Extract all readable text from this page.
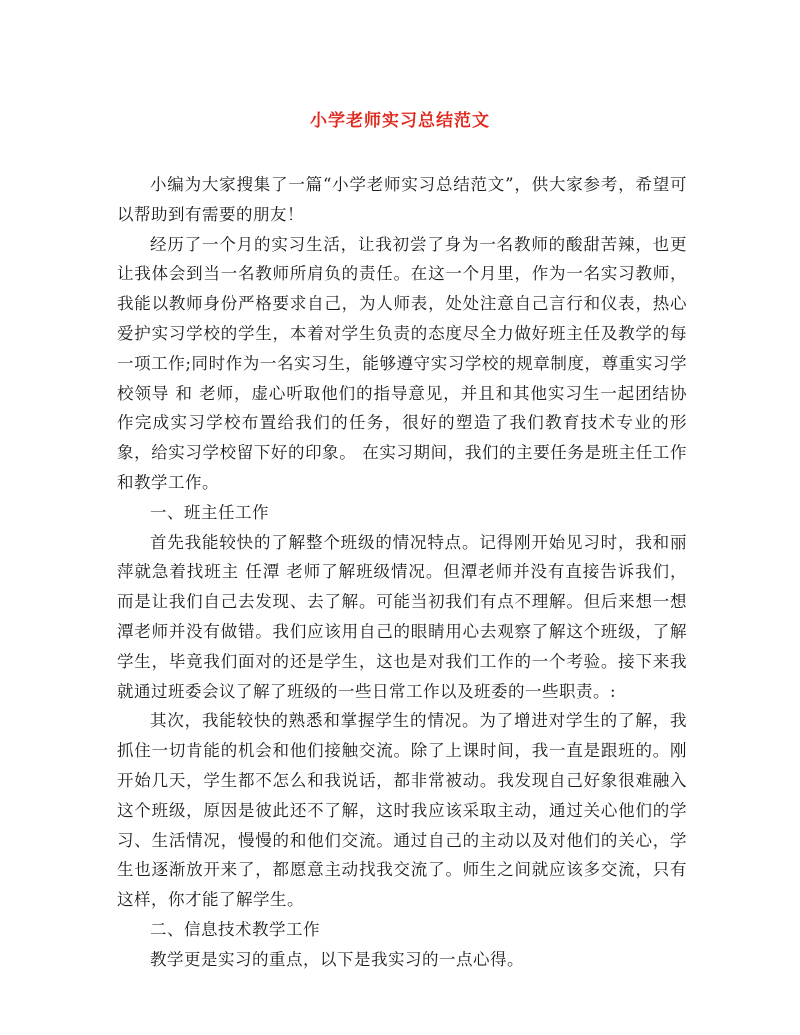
小学老师实习总结范文

小编为大家搜集了一篇“小学老师实习总结范文”，供大家参考，希望可以帮助到有需要的朋友！

经历了一个月的实习生活，让我初尝了身为一名教师的酸甜苦辣，也更让我体会到当一名教师所肩负的责任。在这一个月里，作为一名实习教师，我能以教师身份严格要求自己，为人师表，处处注意自己言行和仪表，热心爱护实习学校的学生，本着对学生负责的态度尽全力做好班主任及教学的每一项工作;同时作为一名实习生，能够遵守实习学校的规章制度，尊重实习学校领导 和 老师，虚心听取他们的指导意见，并且和其他实习生一起团结协作完成实习学校布置给我们的任务，很好的塑造了我们教育技术专业的形象，给实习学校留下好的印象。 在实习期间，我们的主要任务是班主任工作和教学工作。

一、班主任工作

首先我能较快的了解整个班级的情况特点。记得刚开始见习时，我和丽萍就急着找班主 任潭 老师了解班级情况。但潭老师并没有直接告诉我们，而是让我们自己去发现、去了解。可能当初我们有点不理解。但后来想一想潭老师并没有做错。我们应该用自己的眼睛用心去观察了解这个班级，了解学生，毕竟我们面对的还是学生，这也是对我们工作的一个考验。接下来我就通过班委会议了解了班级的一些日常工作以及班委的一些职责。:

其次，我能较快的熟悉和掌握学生的情况。为了增进对学生的了解，我抓住一切肯能的机会和他们接触交流。除了上课时间，我一直是跟班的。刚开始几天，学生都不怎么和我说话，都非常被动。我发现自己好象很难融入这个班级，原因是彼此还不了解，这时我应该采取主动，通过关心他们的学习、生活情况，慢慢的和他们交流。通过自己的主动以及对他们的关心，学生也逐渐放开来了，都愿意主动找我交流了。师生之间就应该多交流，只有这样，你才能了解学生。

二、信息技术教学工作

教学更是实习的重点，以下是我实习的一点心得。
